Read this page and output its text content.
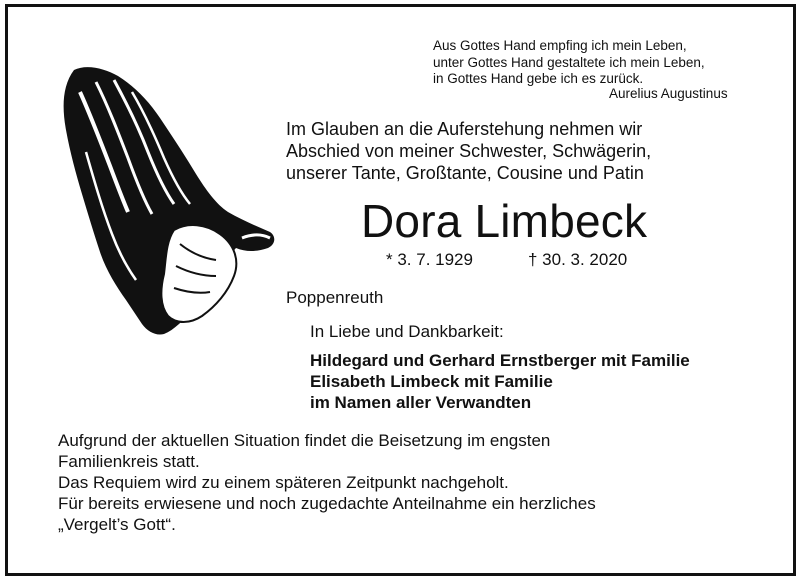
Aus Gottes Hand empfing ich mein Leben,
unter Gottes Hand gestaltete ich mein Leben,
in Gottes Hand gebe ich es zurück.
Aurelius Augustinus
Im Glauben an die Auferstehung nehmen wir
Abschied von meiner Schwester, Schwägerin,
unserer Tante, Großtante, Cousine und Patin
Dora Limbeck
* 3. 7. 1929	† 30. 3. 2020
Poppenreuth
In Liebe und Dankbarkeit:
Hildegard und Gerhard Ernstberger mit Familie
Elisabeth Limbeck mit Familie
im Namen aller Verwandten
Aufgrund der aktuellen Situation findet die Beisetzung im engsten
Familienkreis statt.
Das Requiem wird zu einem späteren Zeitpunkt nachgeholt.
Für bereits erwiesene und noch zugedachte Anteilnahme ein herzliches
„Vergelt’s Gott“.
